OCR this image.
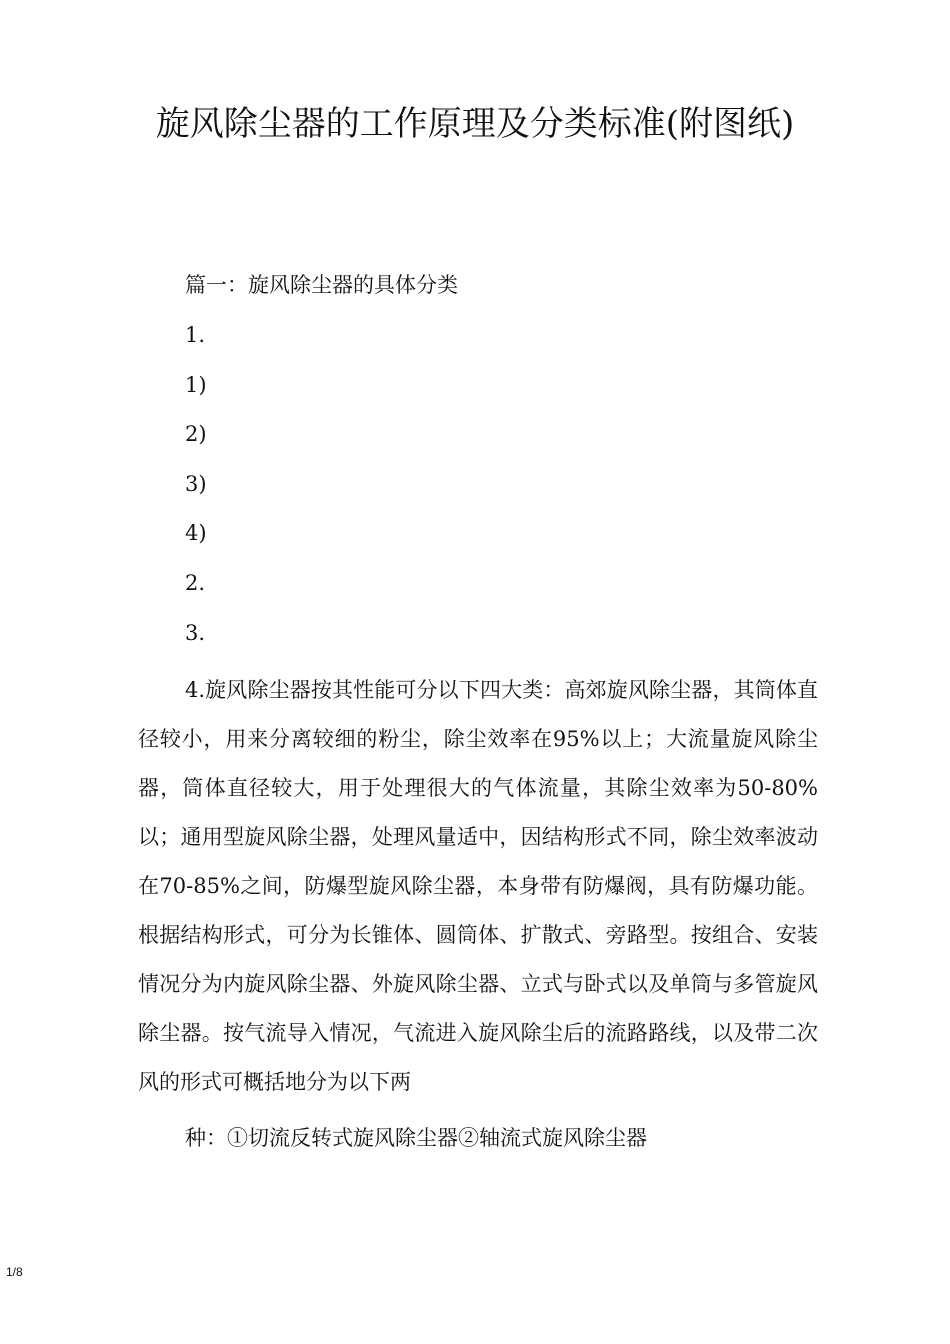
旋风除尘器的工作原理及分类标准(附图纸)
篇一：旋风除尘器的具体分类
1.
1)
2)
3)
4)
2.
3.

4.旋风除尘器按其性能可分以下四大类：高郊旋风除尘器，其筒体直径较小，用来分离较细的粉尘，除尘效率在95%以上；大流量旋风除尘器，筒体直径较大，用于处理很大的气体流量，其除尘效率为50-80%以；通用型旋风除尘器，处理风量适中，因结构形式不同，除尘效率波动在70-85%之间，防爆型旋风除尘器，本身带有防爆阀，具有防爆功能。根据结构形式，可分为长锥体、圆筒体、扩散式、旁路型。按组合、安装情况分为内旋风除尘器、外旋风除尘器、立式与卧式以及单筒与多管旋风除尘器。按气流导入情况，气流进入旋风除尘后的流路路线，以及带二次风的形式可概括地分为以下两

种：①切流反转式旋风除尘器②轴流式旋风除尘器
1/8
